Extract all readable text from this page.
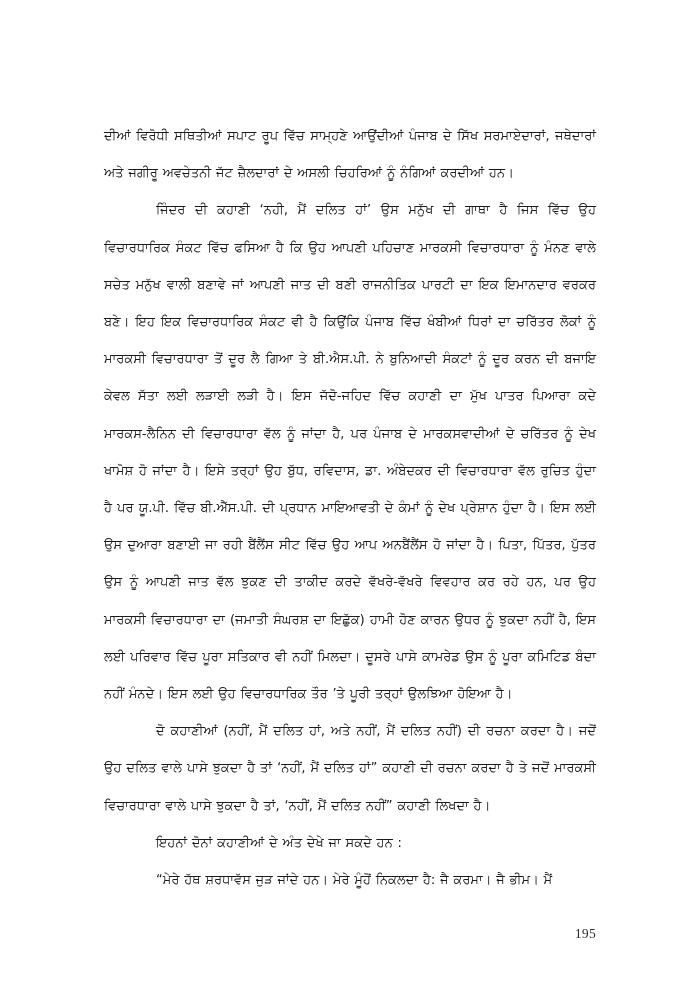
ਦੀਆਂ ਵਿਰੋਧੀ ਸਥਿਤੀਆਂ ਸਪਾਟ ਰੂਪ ਵਿੱਚ ਸਾਮ੍ਹਣੇ ਆਉਂਦੀਆਂ ਪੰਜਾਬ ਦੇ ਸਿੱਖ ਸਰਮਾਏਦਾਰਾਂ, ਜਥੇਦਾਰਾਂ ਅਤੇ ਜਗੀਰੂ ਅਵਚੇਤਨੀ ਜੱਟ ਜ਼ੈਲਦਾਰਾਂ ਦੇ ਅਸਲੀ ਚਿਹਰਿਆਂ ਨੂੰ ਨੰਗਿਆਂ ਕਰਦੀਆਂ ਹਨ।

ਜਿੰਦਰ ਦੀ ਕਹਾਣੀ ‘ਨਹੀ, ਮੈਂ ਦਲਿਤ ਹਾਂ’ ਉਸ ਮਨੁੱਖ ਦੀ ਗਾਥਾ ਹੈ ਜਿਸ ਵਿੱਚ ਉਹ ਵਿਚਾਰਧਾਰਿਕ ਸੰਕਟ ਵਿੱਚ ਫਸਿਆ ਹੈ ਕਿ ਉਹ ਆਪਣੀ ਪਹਿਚਾਣ ਮਾਰਕਸੀ ਵਿਚਾਰਧਾਰਾ ਨੂੰ ਮੰਨਣ ਵਾਲੇ ਸਚੇਤ ਮਨੁੱਖ ਵਾਲੀ ਬਣਾਵੇ ਜਾਂ ਆਪਣੀ ਜਾਤ ਦੀ ਬਣੀ ਰਾਜਨੀਤਿਕ ਪਾਰਟੀ ਦਾ ਇਕ ਇਮਾਨਦਾਰ ਵਰਕਰ ਬਣੇ। ਇਹ ਇਕ ਵਿਚਾਰਧਾਰਿਕ ਸੰਕਟ ਵੀ ਹੈ ਕਿਉਂਕਿ ਪੰਜਾਬ ਵਿੱਚ ਖੰਬੀਆਂ ਧਿਰਾਂ ਦਾ ਚਰਿੱਤਰ ਲੋਕਾਂ ਨੂੰ ਮਾਰਕਸੀ ਵਿਚਾਰਧਾਰਾ ਤੋਂ ਦੂਰ ਲੈ ਗਿਆ ਤੇ ਬੀ.ਐਸ.ਪੀ. ਨੇ ਬੁਨਿਆਦੀ ਸੰਕਟਾਂ ਨੂੰ ਦੂਰ ਕਰਨ ਦੀ ਬਜਾਇ ਕੇਵਲ ਸੱਤਾ ਲਈ ਲੜਾਈ ਲੜੀ ਹੈ। ਇਸ ਜੱਦੋ-ਜਹਿਦ ਵਿੱਚ ਕਹਾਣੀ ਦਾ ਮੁੱਖ ਪਾਤਰ ਪਿਆਰਾ ਕਦੇ ਮਾਰਕਸ-ਲੈਨਿਨ ਦੀ ਵਿਚਾਰਧਾਰਾ ਵੱਲ ਨੂੰ ਜਾਂਦਾ ਹੈ, ਪਰ ਪੰਜਾਬ ਦੇ ਮਾਰਕਸਵਾਦੀਆਂ ਦੇ ਚਰਿੱਤਰ ਨੂੰ ਦੇਖ ਖਾਮੋਸ਼ ਹੋ ਜਾਂਦਾ ਹੈ। ਇਸੇ ਤਰ੍ਹਾਂ ਉਹ ਬੁੱਧ, ਰਵਿਦਾਸ, ਡਾ. ਅੰਬੇਦਕਰ ਦੀ ਵਿਚਾਰਧਾਰਾ ਵੱਲ ਰੁਚਿਤ ਹੁੰਦਾ ਹੈ ਪਰ ਯੂ.ਪੀ. ਵਿੱਚ ਬੀ.ਐੱਸ.ਪੀ. ਦੀ ਪ੍ਰਧਾਨ ਮਾਇਆਵਤੀ ਦੇ ਕੰਮਾਂ ਨੂੰ ਦੇਖ ਪ੍ਰੇਸ਼ਾਨ ਹੁੰਦਾ ਹੈ। ਇਸ ਲਈ ਉਸ ਦੁਆਰਾ ਬਣਾਈ ਜਾ ਰਹੀ ਬੈਂਲੈਂਸ ਸੀਟ ਵਿੱਚ ਉਹ ਆਪ ਅਨਬੈਂਲੈਂਸ ਹੋ ਜਾਂਦਾ ਹੈ। ਪਿਤਾ, ਪਿੱਤਰ, ਪੁੱਤਰ ਉਸ ਨੂੰ ਆਪਣੀ ਜਾਤ ਵੱਲ ਝੁਕਣ ਦੀ ਤਾਕੀਦ ਕਰਦੇ ਵੱਖਰੇ-ਵੱਖਰੇ ਵਿਵਹਾਰ ਕਰ ਰਹੇ ਹਨ, ਪਰ ਉਹ ਮਾਰਕਸੀ ਵਿਚਾਰਧਾਰਾ ਦਾ (ਜਮਾਤੀ ਸੰਘਰਸ਼ ਦਾ ਇਛੁੱਕ) ਹਾਮੀ ਹੋਣ ਕਾਰਨ ਉਧਰ ਨੂੰ ਝੁਕਦਾ ਨਹੀਂ ਹੈ, ਇਸ ਲਈ ਪਰਿਵਾਰ ਵਿੱਚ ਪੂਰਾ ਸਤਿਕਾਰ ਵੀ ਨਹੀਂ ਮਿਲਦਾ। ਦੂਸਰੇ ਪਾਸੇ ਕਾਮਰੇਡ ਉਸ ਨੂੰ ਪੂਰਾ ਕਮਿਟਿਡ ਬੰਦਾ ਨਹੀਂ ਮੰਨਦੇ। ਇਸ ਲਈ ਉਹ ਵਿਚਾਰਧਾਰਿਕ ਤੌਰ ’ਤੇ ਪੂਰੀ ਤਰ੍ਹਾਂ ਉਲਝਿਆ ਹੋਇਆ ਹੈ।

ਦੋ ਕਹਾਣੀਆਂ (ਨਹੀਂ, ਮੈਂ ਦਲਿਤ ਹਾਂ, ਅਤੇ ਨਹੀਂ, ਮੈਂ ਦਲਿਤ ਨਹੀਂ) ਦੀ ਰਚਨਾ ਕਰਦਾ ਹੈ। ਜਦੋਂ ਉਹ ਦਲਿਤ ਵਾਲੇ ਪਾਸੇ ਝੁਕਦਾ ਹੈ ਤਾਂ ‘ਨਹੀਂ, ਮੈਂ ਦਲਿਤ ਹਾਂ” ਕਹਾਣੀ ਦੀ ਰਚਨਾ ਕਰਦਾ ਹੈ ਤੇ ਜਦੋਂ ਮਾਰਕਸੀ ਵਿਚਾਰਧਾਰਾ ਵਾਲੇ ਪਾਸੇ ਝੁਕਦਾ ਹੈ ਤਾਂ, ‘ਨਹੀਂ, ਮੈਂ ਦਲਿਤ ਨਹੀਂ” ਕਹਾਣੀ ਲਿਖਦਾ ਹੈ।

ਇਹਨਾਂ ਦੋਨਾਂ ਕਹਾਣੀਆਂ ਦੇ ਅੰਤ ਦੇਖੇ ਜਾ ਸਕਦੇ ਹਨ :

“ਮੇਰੇ ਹੱਥ ਸ਼ਰਧਾਵੱਸ ਜੁੜ ਜਾਂਦੇ ਹਨ। ਮੇਰੇ ਮੂੰਹੋਂ ਨਿਕਲਦਾ ਹੈ: ਜੈ ਕਰਮਾ। ਜੈ ਭੀਮ। ਮੈਂ

195
